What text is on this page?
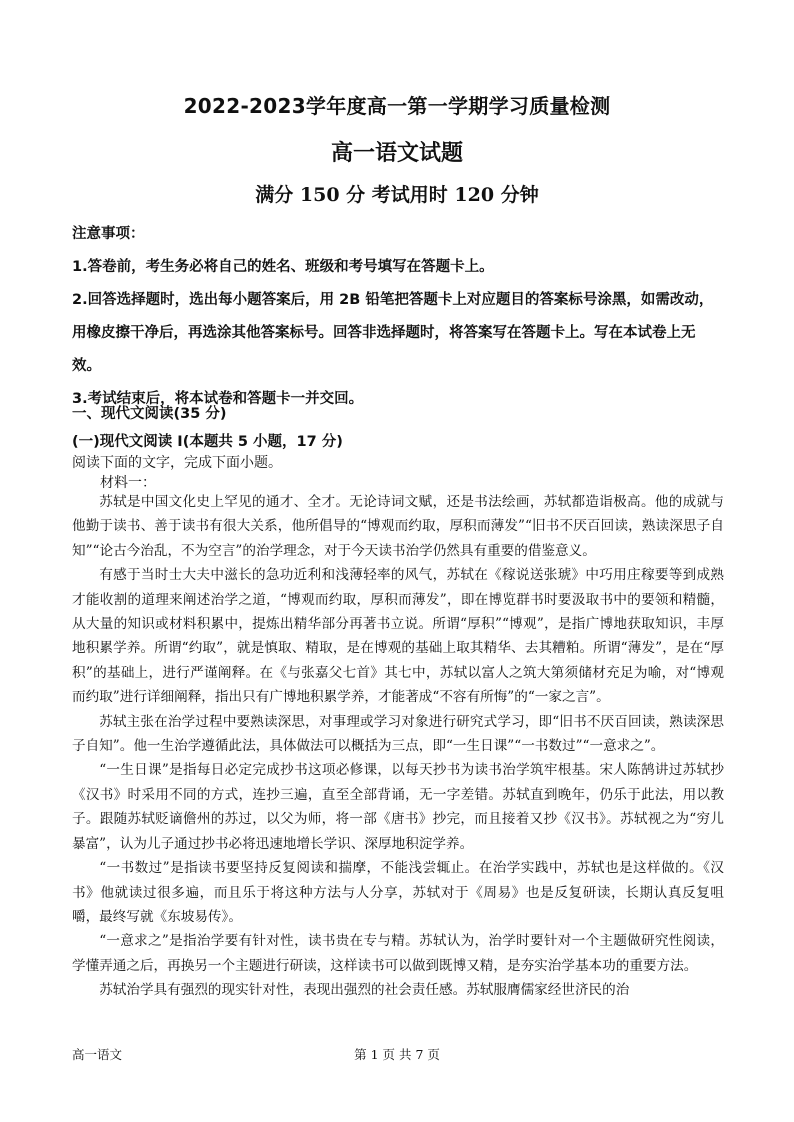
2022-2023学年度高一第一学期学习质量检测
高一语文试题
满分 150 分 考试用时 120 分钟

注意事项：

1.答卷前，考生务必将自己的姓名、班级和考号填写在答题卡上。

2.回答选择题时，选出每小题答案后，用 2B 铅笔把答题卡上对应题目的答案标号涂黑，如需改动，用橡皮擦干净后，再选涂其他答案标号。回答非选择题时，将答案写在答题卡上。写在本试卷上无效。

3.考试结束后，将本试卷和答题卡一并交回。

一、现代文阅读(35 分)
(一)现代文阅读 I(本题共 5 小题，17 分)
阅读下面的文字，完成下面小题。
材料一：

苏轼是中国文化史上罕见的通才、全才。无论诗词文赋，还是书法绘画，苏轼都造诣极高。他的成就与他勤于读书、善于读书有很大关系，他所倡导的“博观而约取，厚积而薄发”“旧书不厌百回读，熟读深思子自知”“论古今治乱，不为空言”的治学理念，对于今天读书治学仍然具有重要的借鉴意义。

有感于当时士大夫中滋长的急功近利和浅薄轻率的风气，苏轼在《稼说送张琥》中巧用庄稼要等到成熟才能收割的道理来阐述治学之道，“博观而约取，厚积而薄发”，即在博览群书时要汲取书中的要领和精髓，从大量的知识或材料积累中，提炼出精华部分再著书立说。所谓“厚积”“博观”，是指广博地获取知识，丰厚地积累学养。所谓“约取”，就是慎取、精取，是在博观的基础上取其精华、去其糟粕。所谓“薄发”，是在“厚积”的基础上，进行严谨阐释。在《与张嘉父七首》其七中，苏轼以富人之筑大第须储材充足为喻，对“博观而约取”进行详细阐释，指出只有广博地积累学养，才能著成“不容有所悔”的“一家之言”。

苏轼主张在治学过程中要熟读深思，对事理或学习对象进行研究式学习，即“旧书不厌百回读，熟读深思子自知”。他一生治学遵循此法，具体做法可以概括为三点，即“一生日课”“一书数过”“一意求之”。

“一生日课”是指每日必定完成抄书这项必修课，以每天抄书为读书治学筑牢根基。宋人陈鹄讲过苏轼抄《汉书》时采用不同的方式，连抄三遍，直至全部背诵，无一字差错。苏轼直到晚年，仍乐于此法，用以教子。跟随苏轼贬谪儋州的苏过，以父为师，将一部《唐书》抄完，而且接着又抄《汉书》。苏轼视之为“穷儿暴富”，认为儿子通过抄书必将迅速地增长学识、深厚地积淀学养。

“一书数过”是指读书要坚持反复阅读和揣摩，不能浅尝辄止。在治学实践中，苏轼也是这样做的。《汉书》他就读过很多遍，而且乐于将这种方法与人分享，苏轼对于《周易》也是反复研读，长期认真反复咀嚼，最终写就《东坡易传》。

“一意求之”是指治学要有针对性，读书贵在专与精。苏轼认为，治学时要针对一个主题做研究性阅读，学懂弄通之后，再换另一个主题进行研读，这样读书可以做到既博又精，是夯实治学基本功的重要方法。

苏轼治学具有强烈的现实针对性，表现出强烈的社会责任感。苏轼服膺儒家经世济民的治

高一语文	第 1 页 共 7 页
